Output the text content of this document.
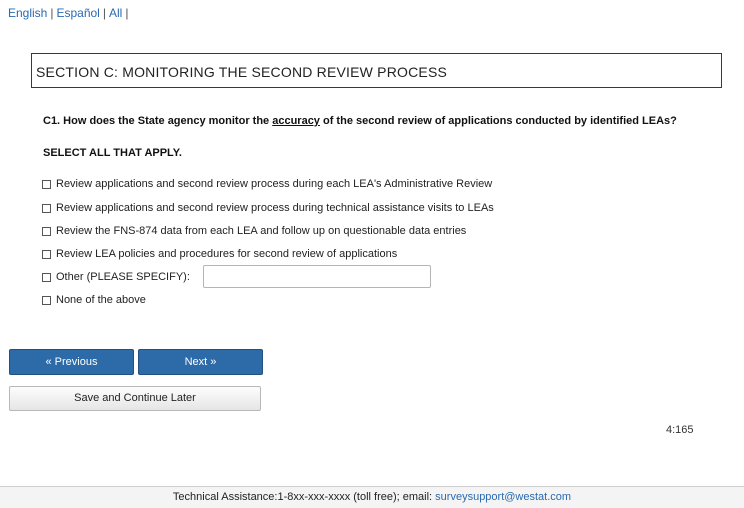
English | Español | All |
SECTION C: MONITORING THE SECOND REVIEW PROCESS
C1. How does the State agency monitor the accuracy of the second review of applications conducted by identified LEAs?
SELECT ALL THAT APPLY.
Review applications and second review process during each LEA's Administrative Review
Review applications and second review process during technical assistance visits to LEAs
Review the FNS-874 data from each LEA and follow up on questionable data entries
Review LEA policies and procedures for second review of applications
Other (PLEASE SPECIFY):
None of the above
« Previous	Next »
Save and Continue Later
4:165
Technical Assistance:1-8xx-xxx-xxxx (toll free); email: surveysupport@westat.com
